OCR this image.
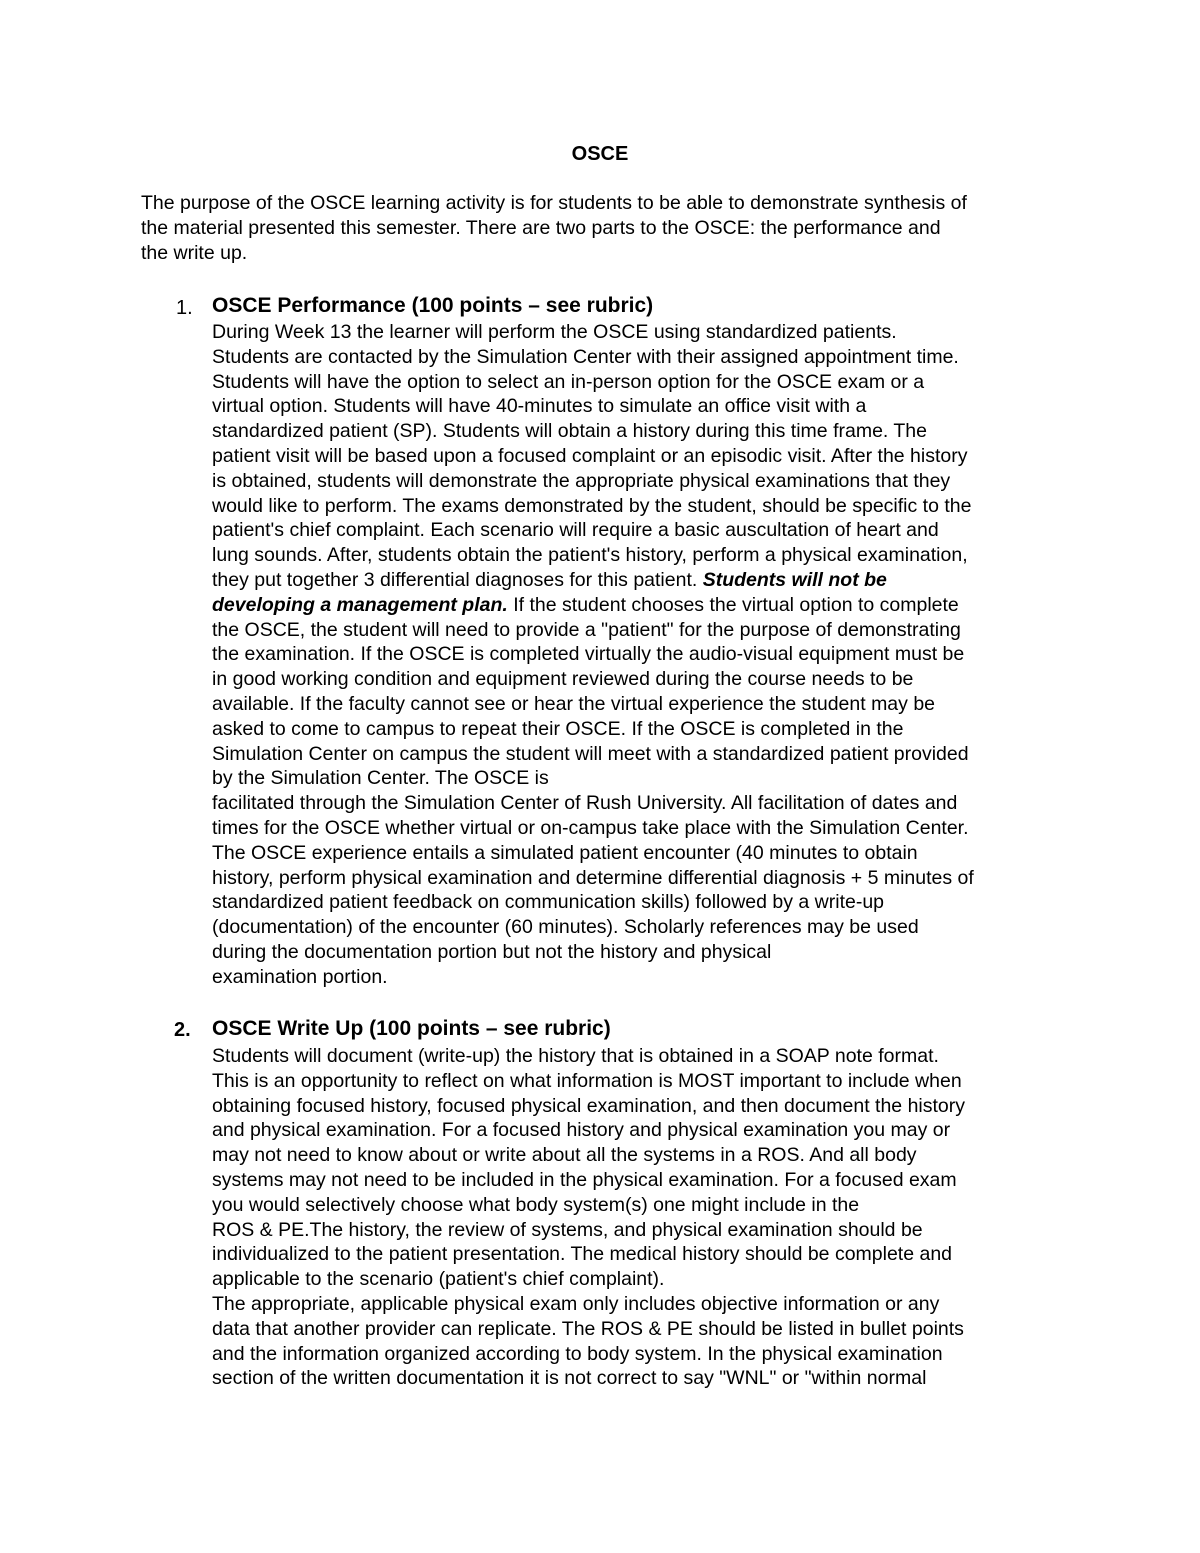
OSCE
The purpose of the OSCE learning activity is for students to be able to demonstrate synthesis of
the material presented this semester. There are two parts to the OSCE: the performance and
the write up.
1. OSCE Performance (100 points – see rubric)
During Week 13 the learner will perform the OSCE using standardized patients.
Students are contacted by the Simulation Center with their assigned appointment time.
Students will have the option to select an in-person option for the OSCE exam or a
virtual option. Students will have 40-minutes to simulate an office visit with a
standardized patient (SP). Students will obtain a history during this time frame. The
patient visit will be based upon a focused complaint or an episodic visit. After the history
is obtained, students will demonstrate the appropriate physical examinations that they
would like to perform. The exams demonstrated by the student, should be specific to the
patient's chief complaint. Each scenario will require a basic auscultation of heart and
lung sounds. After, students obtain the patient's history, perform a physical examination,
they put together 3 differential diagnoses for this patient. Students will not be
developing a management plan. If the student chooses the virtual option to complete
the OSCE, the student will need to provide a "patient" for the purpose of demonstrating
the examination. If the OSCE is completed virtually the audio-visual equipment must be
in good working condition and equipment reviewed during the course needs to be
available. If the faculty cannot see or hear the virtual experience the student may be
asked to come to campus to repeat their OSCE. If the OSCE is completed in the
Simulation Center on campus the student will meet with a standardized patient provided
by the Simulation Center. The OSCE is
facilitated through the Simulation Center of Rush University. All facilitation of dates and
times for the OSCE whether virtual or on-campus take place with the Simulation Center.
The OSCE experience entails a simulated patient encounter (40 minutes to obtain
history, perform physical examination and determine differential diagnosis + 5 minutes of
standardized patient feedback on communication skills) followed by a write-up
(documentation) of the encounter (60 minutes). Scholarly references may be used
during the documentation portion but not the history and physical
examination portion.
2. OSCE Write Up (100 points – see rubric)
Students will document (write-up) the history that is obtained in a SOAP note format.
This is an opportunity to reflect on what information is MOST important to include when
obtaining focused history, focused physical examination, and then document the history
and physical examination. For a focused history and physical examination you may or
may not need to know about or write about all the systems in a ROS. And all body
systems may not need to be included in the physical examination. For a focused exam
you would selectively choose what body system(s) one might include in the
ROS & PE.The history, the review of systems, and physical examination should be
individualized to the patient presentation. The medical history should be complete and
applicable to the scenario (patient's chief complaint).
The appropriate, applicable physical exam only includes objective information or any
data that another provider can replicate. The ROS & PE should be listed in bullet points
and the information organized according to body system. In the physical examination
section of the written documentation it is not correct to say "WNL" or "within normal
